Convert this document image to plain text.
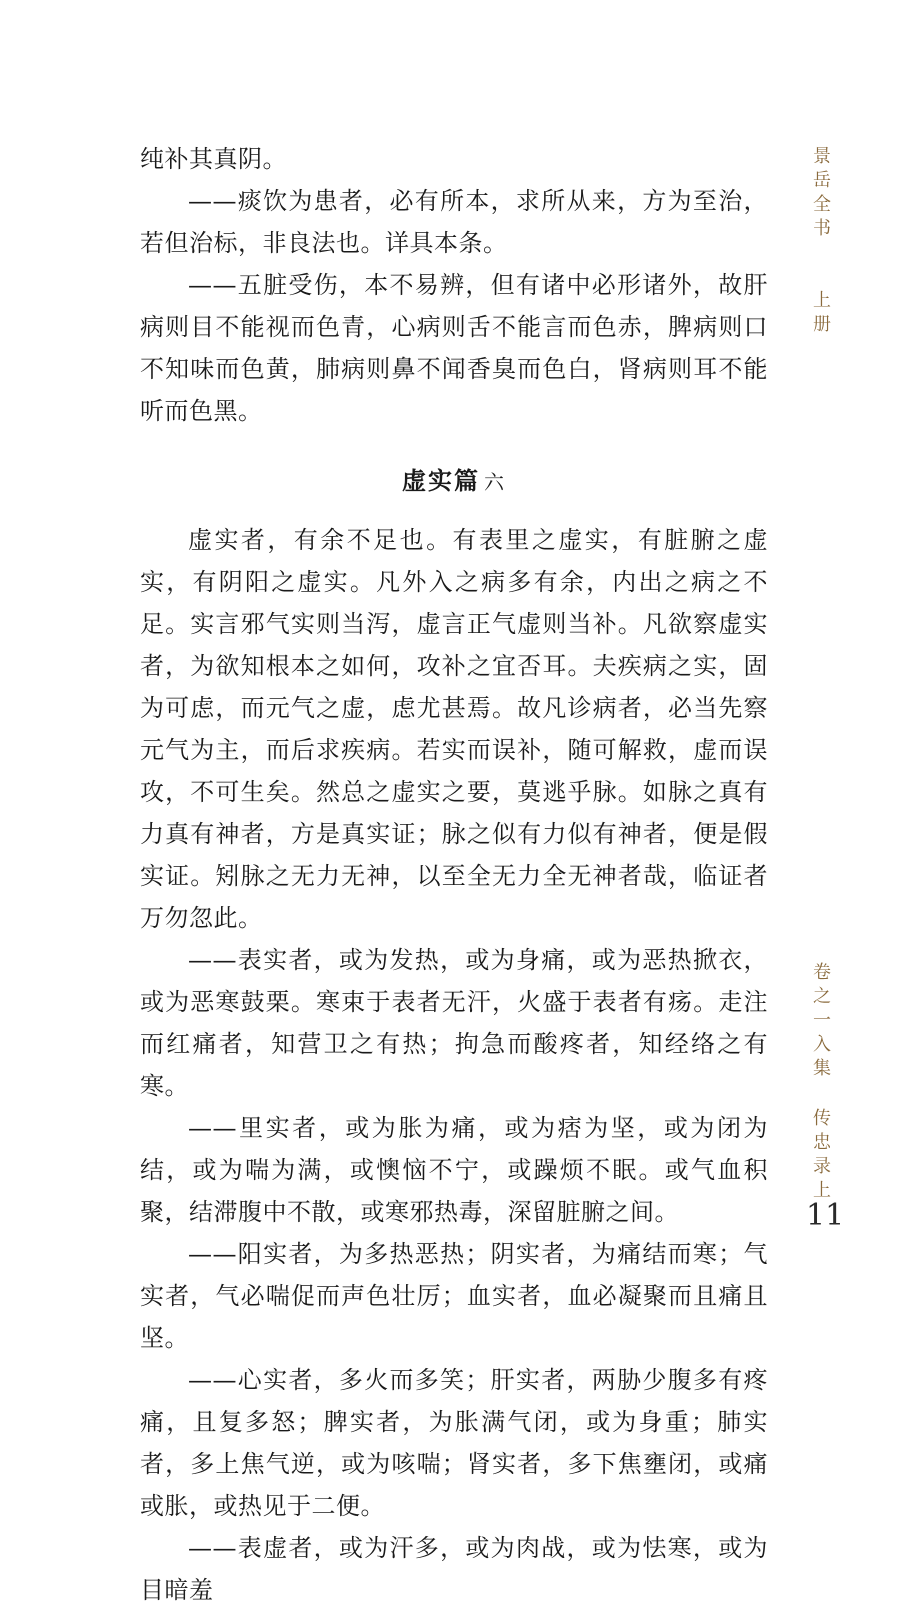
纯补其真阴。

——痰饮为患者，必有所本，求所从来，方为至治，若但治标，非良法也。详具本条。

——五脏受伤，本不易辨，但有诸中必形诸外，故肝病则目不能视而色青，心病则舌不能言而色赤，脾病则口不知味而色黄，肺病则鼻不闻香臭而色白，肾病则耳不能听而色黑。

虚实篇 六

虚实者，有余不足也。有表里之虚实，有脏腑之虚实，有阴阳之虚实。凡外入之病多有余，内出之病之不足。实言邪气实则当泻，虚言正气虚则当补。凡欲察虚实者，为欲知根本之如何，攻补之宜否耳。夫疾病之实，固为可虑，而元气之虚，虑尤甚焉。故凡诊病者，必当先察元气为主，而后求疾病。若实而误补，随可解救，虚而误攻，不可生矣。然总之虚实之要，莫逃乎脉。如脉之真有力真有神者，方是真实证；脉之似有力似有神者，便是假实证。矧脉之无力无神，以至全无力全无神者哉，临证者万勿忽此。

——表实者，或为发热，或为身痛，或为恶热掀衣，或为恶寒鼓栗。寒束于表者无汗，火盛于表者有疡。走注而红痛者，知营卫之有热；拘急而酸疼者，知经络之有寒。

——里实者，或为胀为痛，或为痞为坚，或为闭为结，或为喘为满，或懊恼不宁，或躁烦不眠。或气血积聚，结滞腹中不散，或寒邪热毒，深留脏腑之间。

——阳实者，为多热恶热；阴实者，为痛结而寒；气实者，气必喘促而声色壮厉；血实者，血必凝聚而且痛且坚。

——心实者，多火而多笑；肝实者，两胁少腹多有疼痛，且复多怒；脾实者，为胀满气闭，或为身重；肺实者，多上焦气逆，或为咳喘；肾实者，多下焦壅闭，或痛或胀，或热见于二便。

——表虚者，或为汗多，或为肉战，或为怯寒，或为目暗羞

景岳全书
上册
卷之一入集
传忠录上
11
